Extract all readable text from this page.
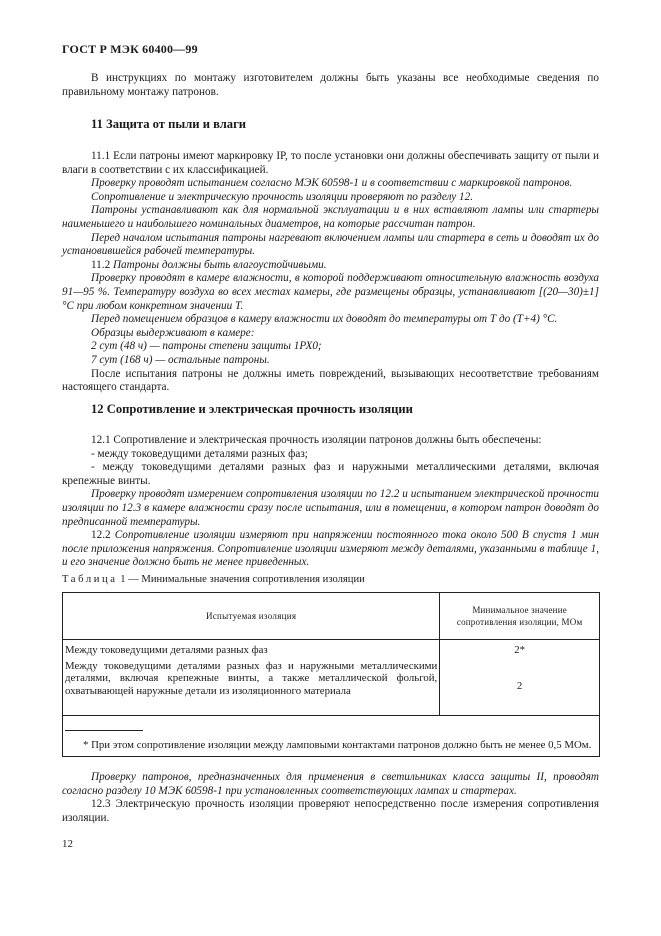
ГОСТ Р МЭК 60400—99

В инструкциях по монтажу изготовителем должны быть указаны все необходимые сведения по правильному монтажу патронов.

11 Защита от пыли и влаги

11.1 Если патроны имеют маркировку IP, то после установки они должны обеспечивать защиту от пыли и влаги в соответствии с их классификацией.

Проверку проводят испытанием согласно МЭК 60598-1 и в соответствии с маркировкой патронов.

Сопротивление и электрическую прочность изоляции проверяют по разделу 12.

Патроны устанавливают как для нормальной эксплуатации и в них вставляют лампы или стартеры наименьшего и наибольшего номинальных диаметров, на которые рассчитан патрон.

Перед началом испытания патроны нагревают включением лампы или стартера в сеть и доводят их до установившейся рабочей температуры.

11.2 Патроны должны быть влагоустойчивыми.

Проверку проводят в камере влажности, в которой поддерживают относительную влажность воздуха 91—95 %. Температуру воздуха во всех местах камеры, где размещены образцы, устанавливают [(20—30)±1] °С при любом конкретном значении Т.

Перед помещением образцов в камеру влажности их доводят до температуры от Т до (Т+4) °С.

Образцы выдерживают в камере:

2 сут (48 ч) — патроны степени защиты 1РХ0;

7 сут (168 ч) — остальные патроны.

После испытания патроны не должны иметь повреждений, вызывающих несоответствие требованиям настоящего стандарта.

12 Сопротивление и электрическая прочность изоляции

12.1 Сопротивление и электрическая прочность изоляции патронов должны быть обеспечены:

- между токоведущими деталями разных фаз;

- между токоведущими деталями разных фаз и наружными металлическими деталями, включая крепежные винты.

Проверку проводят измерением сопротивления изоляции по 12.2 и испытанием электрической прочности изоляции по 12.3 в камере влажности сразу после испытания, или в помещении, в котором патрон доводят до предписанной температуры.

12.2 Сопротивление изоляции измеряют при напряжении постоянного тока около 500 В спустя 1 мин после приложения напряжения. Сопротивление изоляции измеряют между деталями, указанными в таблице 1, и его значение должно быть не менее приведенных.

Таблица 1 — Минимальные значения сопротивления изоляции
Испытуемая изоляция	Минимальное значение
сопротивления изоляции, МОм

Между токоведущими деталями разных фаз	2*
Между токоведущими деталями разных фаз и наружными металлическими деталями, включая крепежные винты, а также металлической фольгой, охватывающей наружные детали из изоляционного материала	2

* При этом сопротивление изоляции между ламповыми контактами патронов должно быть не менее 0,5 МОм.	

Проверку патронов, предназначенных для применения в светильниках класса защиты II, проводят согласно разделу 10 МЭК 60598-1 при установленных соответствующих лампах и стартерах.

12.3 Электрическую прочность изоляции проверяют непосредственно после измерения сопротивления изоляции.

12
